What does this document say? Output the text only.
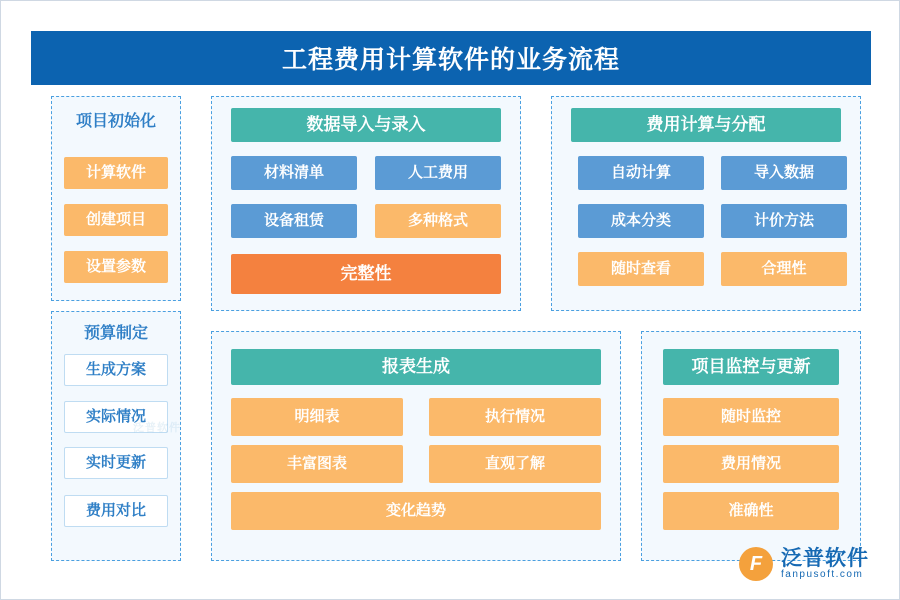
工程费用计算软件的业务流程
项目初始化
计算软件
创建项目
设置参数
预算制定
生成方案
实际情况
实时更新
费用对比
数据导入与录入
材料清单	人工费用
设备租赁	多种格式
完整性
费用计算与分配
自动计算	导入数据
成本分类	计价方法
随时查看	合理性
报表生成
明细表	执行情况
丰富图表	直观了解
变化趋势
项目监控与更新
随时监控
费用情况
准确性
F 泛普软件
fanpusoft.com
